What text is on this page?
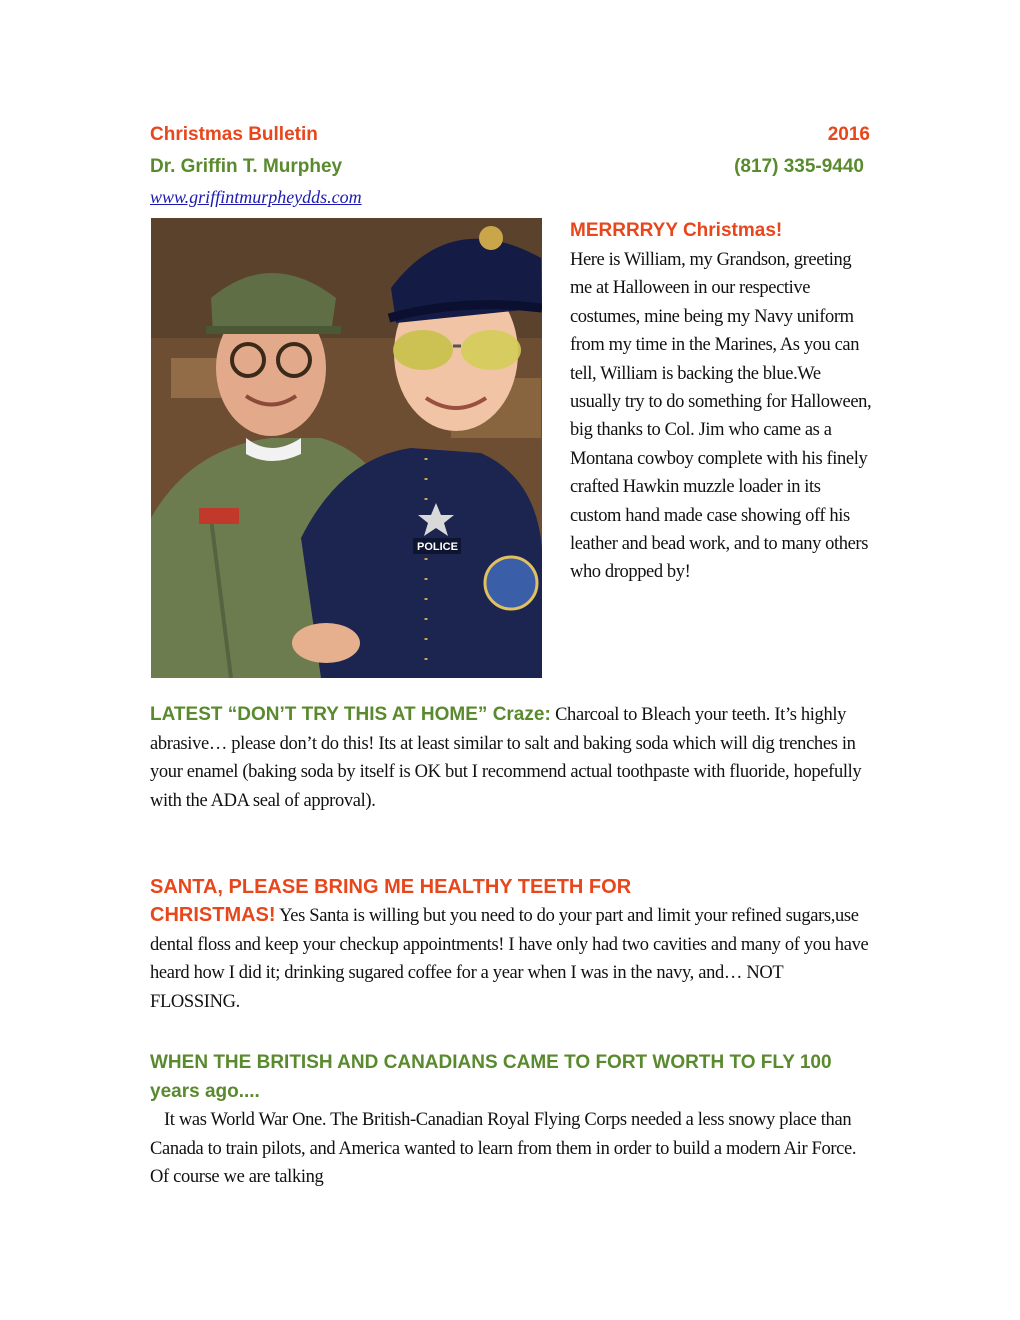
Christmas Bulletin	2016
Dr. Griffin T. Murphey	(817) 335-9440
www.griffintmurpheydds.com
POLICE
MERRRRYY Christmas!
Here is William, my Grandson, greeting me at Halloween in our respective costumes, mine being my Navy uniform from my time in the Marines, As you can tell, William is backing the blue.We usually try to do something for Halloween, big thanks to Col. Jim who came as a Montana cowboy complete with his finely crafted Hawkin muzzle loader in its custom hand made case showing off his leather and bead work, and to many others who dropped by!
LATEST “DON’T TRY THIS AT HOME” Craze: Charcoal to Bleach your teeth. It’s highly abrasive… please don’t do this! Its at least similar to salt and baking soda which will dig trenches in your enamel (baking soda by itself is OK but I recommend actual toothpaste with fluoride, hopefully with the ADA seal of approval).
SANTA, PLEASE BRING ME HEALTHY TEETH FOR
CHRISTMAS! Yes Santa is willing but you need to do your part and limit your refined sugars,use dental floss and keep your checkup appointments! I have only had two cavities and many of you have heard how I did it; drinking sugared coffee for a year when I was in the navy, and… NOT FLOSSING.
WHEN THE BRITISH AND CANADIANS CAME TO FORT WORTH TO FLY 100 years ago....
It was World War One. The British-Canadian Royal Flying Corps needed a less snowy place than Canada to train pilots, and America wanted to learn from them in order to build a modern Air Force. Of course we are talking
